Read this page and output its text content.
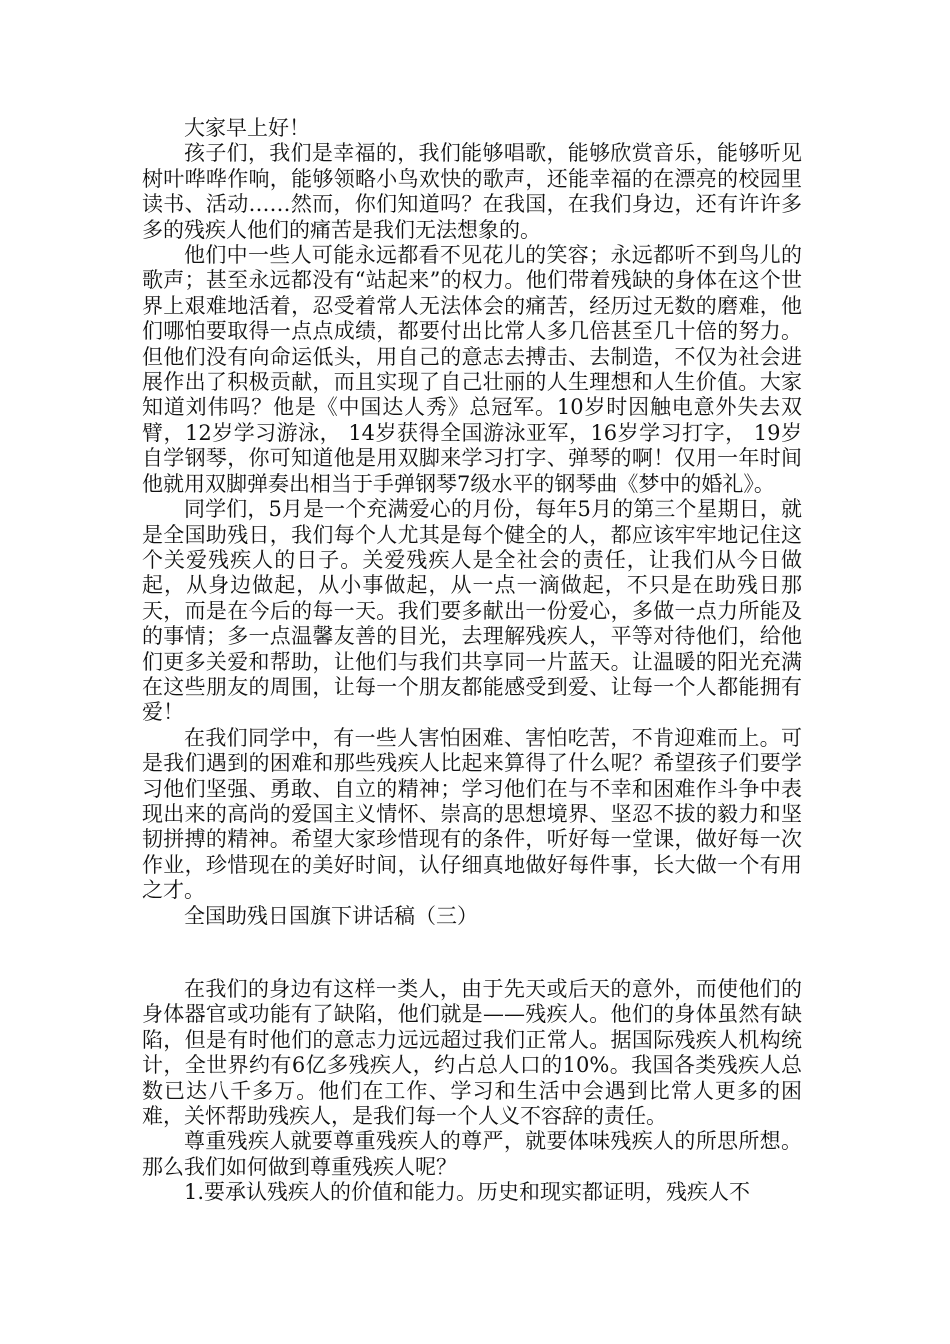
大家早上好！

孩子们，我们是幸福的，我们能够唱歌，能够欣赏音乐，能够听见树叶哗哗作响，能够领略小鸟欢快的歌声，还能幸福的在漂亮的校园里读书、活动……然而，你们知道吗？在我国，在我们身边，还有许许多多的残疾人他们的痛苦是我们无法想象的。

他们中一些人可能永远都看不见花儿的笑容；永远都听不到鸟儿的歌声；甚至永远都没有“站起来”的权力。他们带着残缺的身体在这个世界上艰难地活着，忍受着常人无法体会的痛苦，经历过无数的磨难，他们哪怕要取得一点点成绩，都要付出比常人多几倍甚至几十倍的努力。但他们没有向命运低头，用自己的意志去搏击、去制造，不仅为社会进展作出了积极贡献，而且实现了自己壮丽的人生理想和人生价值。大家知道刘伟吗？他是《中国达人秀》总冠军。10岁时因触电意外失去双臂，12岁学习游泳， 14岁获得全国游泳亚军，16岁学习打字， 19岁自学钢琴，你可知道他是用双脚来学习打字、弹琴的啊！仅用一年时间他就用双脚弹奏出相当于手弹钢琴7级水平的钢琴曲《梦中的婚礼》。

同学们，5月是一个充满爱心的月份，每年5月的第三个星期日，就是全国助残日，我们每个人尤其是每个健全的人，都应该牢牢地记住这个关爱残疾人的日子。关爱残疾人是全社会的责任，让我们从今日做起，从身边做起，从小事做起，从一点一滴做起，不只是在助残日那天，而是在今后的每一天。我们要多献出一份爱心，多做一点力所能及的事情；多一点温馨友善的目光，去理解残疾人，平等对待他们，给他们更多关爱和帮助，让他们与我们共享同一片蓝天。让温暖的阳光充满在这些朋友的周围，让每一个朋友都能感受到爱、让每一个人都能拥有爱！

在我们同学中，有一些人害怕困难、害怕吃苦，不肯迎难而上。可是我们遇到的困难和那些残疾人比起来算得了什么呢？希望孩子们要学习他们坚强、勇敢、自立的精神；学习他们在与不幸和困难作斗争中表现出来的高尚的爱国主义情怀、崇高的思想境界、坚忍不拔的毅力和坚韧拼搏的精神。希望大家珍惜现有的条件，听好每一堂课，做好每一次作业，珍惜现在的美好时间，认仔细真地做好每件事，长大做一个有用之才。

全国助残日国旗下讲话稿（三）

在我们的身边有这样一类人，由于先天或后天的意外，而使他们的身体器官或功能有了缺陷，他们就是——残疾人。他们的身体虽然有缺陷，但是有时他们的意志力远远超过我们正常人。据国际残疾人机构统计，全世界约有6亿多残疾人，约占总人口的10%。我国各类残疾人总数已达八千多万。他们在工作、学习和生活中会遇到比常人更多的困难，关怀帮助残疾人，是我们每一个人义不容辞的责任。

尊重残疾人就要尊重残疾人的尊严，就要体味残疾人的所思所想。那么我们如何做到尊重残疾人呢？

1.要承认残疾人的价值和能力。历史和现实都证明，残疾人不
